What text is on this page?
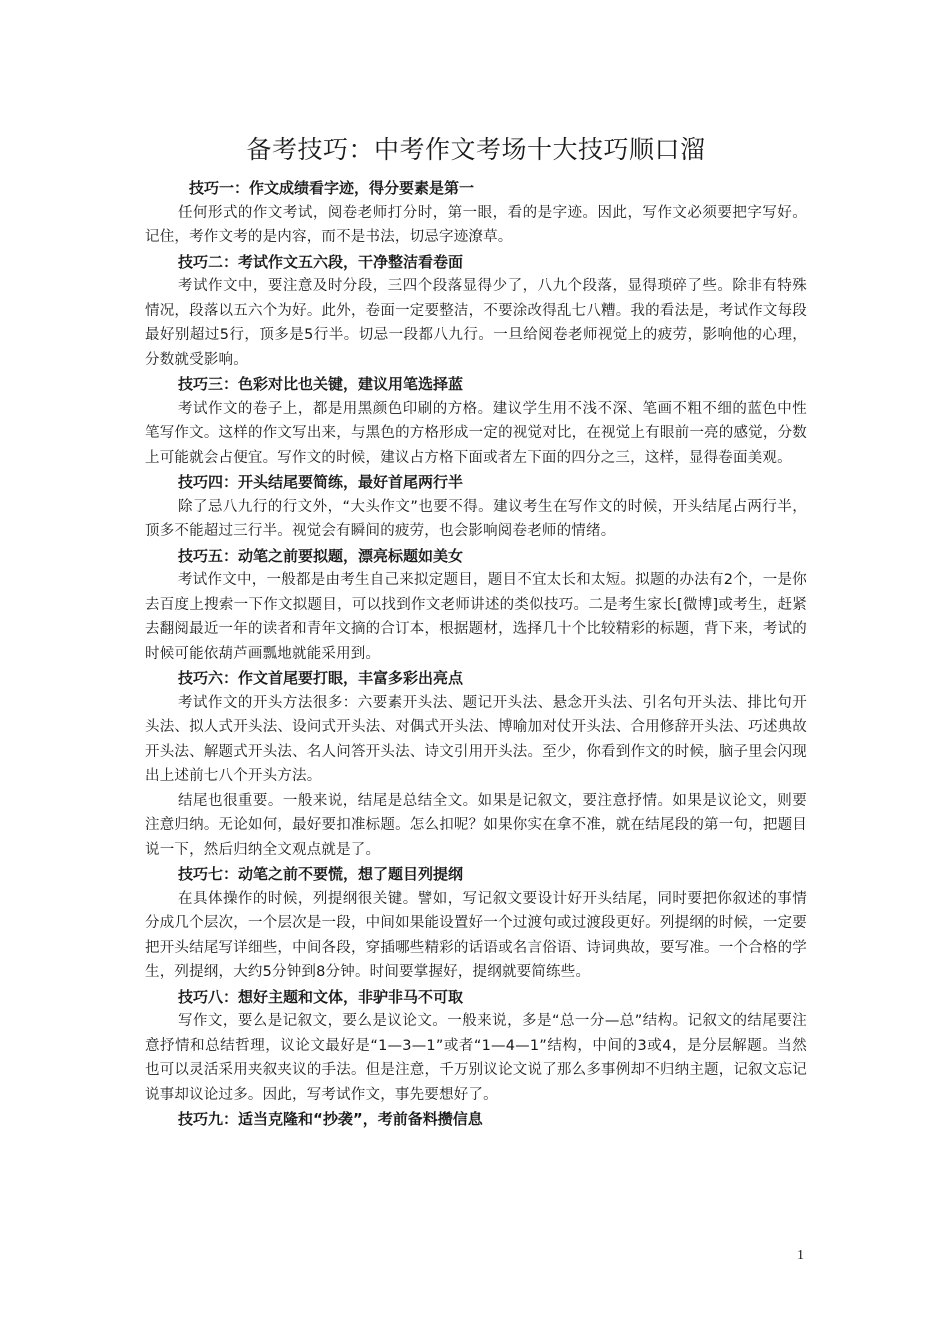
备考技巧：中考作文考场十大技巧顺口溜
技巧一：作文成绩看字迹，得分要素是第一

任何形式的作文考试，阅卷老师打分时，第一眼，看的是字迹。因此，写作文必须要把字写好。记住，考作文考的是内容，而不是书法，切忌字迹潦草。

技巧二：考试作文五六段，干净整洁看卷面

考试作文中，要注意及时分段，三四个段落显得少了，八九个段落，显得琐碎了些。除非有特殊情况，段落以五六个为好。此外，卷面一定要整洁，不要涂改得乱七八糟。我的看法是，考试作文每段最好别超过5行，顶多是5行半。切忌一段都八九行。一旦给阅卷老师视觉上的疲劳，影响他的心理，分数就受影响。

技巧三：色彩对比也关键，建议用笔选择蓝

考试作文的卷子上，都是用黑颜色印刷的方格。建议学生用不浅不深、笔画不粗不细的蓝色中性笔写作文。这样的作文写出来，与黑色的方格形成一定的视觉对比，在视觉上有眼前一亮的感觉，分数上可能就会占便宜。写作文的时候，建议占方格下面或者左下面的四分之三，这样，显得卷面美观。

技巧四：开头结尾要简练，最好首尾两行半

除了忌八九行的行文外，“大头作文”也要不得。建议考生在写作文的时候，开头结尾占两行半，顶多不能超过三行半。视觉会有瞬间的疲劳，也会影响阅卷老师的情绪。

技巧五：动笔之前要拟题，漂亮标题如美女

考试作文中，一般都是由考生自己来拟定题目，题目不宜太长和太短。拟题的办法有2个，一是你去百度上搜索一下作文拟题目，可以找到作文老师讲述的类似技巧。二是考生家长[微博]或考生，赶紧去翻阅最近一年的读者和青年文摘的合订本，根据题材，选择几十个比较精彩的标题，背下来，考试的时候可能依葫芦画瓢地就能采用到。

技巧六：作文首尾要打眼，丰富多彩出亮点

考试作文的开头方法很多：六要素开头法、题记开头法、悬念开头法、引名句开头法、排比句开头法、拟人式开头法、设问式开头法、对偶式开头法、博喻加对仗开头法、合用修辞开头法、巧述典故开头法、解题式开头法、名人问答开头法、诗文引用开头法。至少，你看到作文的时候，脑子里会闪现出上述前七八个开头方法。

结尾也很重要。一般来说，结尾是总结全文。如果是记叙文，要注意抒情。如果是议论文，则要注意归纳。无论如何，最好要扣准标题。怎么扣呢？如果你实在拿不准，就在结尾段的第一句，把题目说一下，然后归纳全文观点就是了。

技巧七：动笔之前不要慌，想了题目列提纲

在具体操作的时候，列提纲很关键。譬如，写记叙文要设计好开头结尾，同时要把你叙述的事情分成几个层次，一个层次是一段，中间如果能设置好一个过渡句或过渡段更好。列提纲的时候，一定要把开头结尾写详细些，中间各段，穿插哪些精彩的话语或名言俗语、诗词典故，要写准。一个合格的学生，列提纲，大约5分钟到8分钟。时间要掌握好，提纲就要简练些。

技巧八：想好主题和文体，非驴非马不可取

写作文，要么是记叙文，要么是议论文。一般来说，多是“总一分—总”结构。记叙文的结尾要注意抒情和总结哲理，议论文最好是“1—3—1”或者“1—4—1”结构，中间的3或4，是分层解题。当然也可以灵活采用夹叙夹议的手法。但是注意，千万别议论文说了那么多事例却不归纳主题，记叙文忘记说事却议论过多。因此，写考试作文，事先要想好了。

技巧九：适当克隆和“抄袭”，考前备料攒信息
1
